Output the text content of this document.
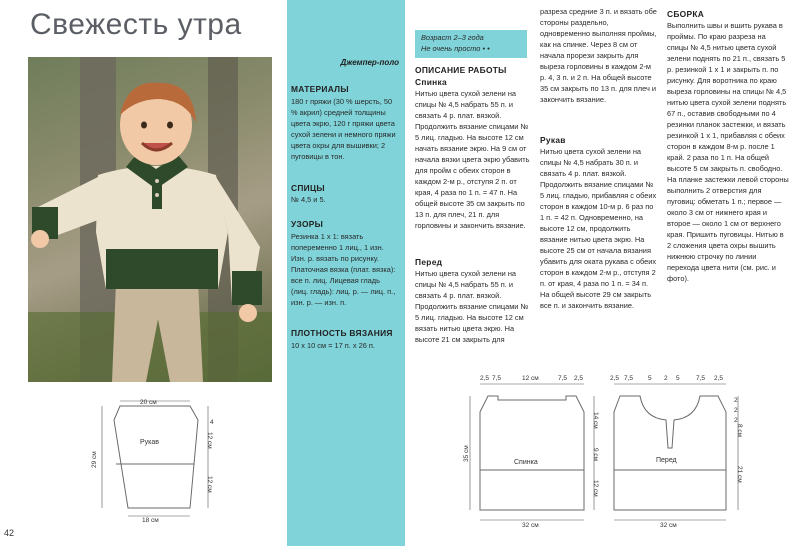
Свежесть утра
42
Джемпер-поло
МАТЕРИАЛЫ
180 г пряжи (30 % шерсть, 50 % акрил) средней толщины цвета экрю, 120 г пряжи цвета сухой зелени и немного пряжи цвета охры для вышивки; 2 пуговицы в тон.
СПИЦЫ
№ 4,5 и 5.
УЗОРЫ
Резинка 1 х 1: вязать попеременно 1 лиц., 1 изн. Изн. р. вязать по рисунку. Платочная вязка (плат. вязка): все п. лиц. Лицевая гладь (лиц. гладь): лиц. р. — лиц. п., изн. р. — изн. п.
ПЛОТНОСТЬ ВЯЗАНИЯ
10 х 10 см = 17 п. х 26 п.
Возраст 2–3 года
Не очень просто • •
ОПИСАНИЕ РАБОТЫ
Спинка
Нитью цвета сухой зелени на спицы № 4,5 набрать 55 п. и связать 4 р. плат. вязкой. Продолжить вязание спицами № 5 лиц. гладью. На высоте 12 см начать вязание экрю. На 9 см от начала вязки цвета экрю убавить для пройм с обеих сторон в каждом 2-м р., отступя 2 п. от края, 4 раза по 1 п. = 47 п. На общей высоте 35 см закрыть по 13 п. для плеч, 21 п. для горловины и закончить вязание.
Перед
Нитью цвета сухой зелени на спицы № 4,5 набрать 55 п. и связать 4 р. плат. вязкой. Продолжить вязание спицами № 5 лиц. гладью. На высоте 12 см вязать нитью цвета экрю. На высоте 21 см закрыть для
разреза средние 3 п. и вязать обе стороны раздельно, одновременно выполняя проймы, как на спинке. Через 8 см от начала прорези закрыть для выреза горловины в каждом 2-м р. 4, 3 п. и 2 п. На общей высоте 35 см закрыть по 13 п. для плеч и закончить вязание.
Рукав
Нитью цвета сухой зелени на спицы № 4,5 набрать 30 п. и связать 4 р. плат. вязкой. Продолжить вязание спицами № 5 лиц. гладью, прибавляя с обеих сторон в каждом 10-м р. 6 раз по 1 п. = 42 п. Одновременно, на высоте 12 см, продолжить вязание нитью цвета экрю. На высоте 25 см от начала вязания убавить для оката рукава с обеих сторон в каждом 2-м р., отступя 2 п. от края, 4 раза по 1 п. = 34 п. На общей высоте 29 см закрыть все п. и закончить вязание.
СБОРКА
Выполнить швы и вшить рукава в проймы. По краю разреза на спицы № 4,5 нитью цвета сухой зелени поднять по 21 п., связать 5 р. резинкой 1 х 1 и закрыть п. по рисунку. Для воротника по краю выреза горловины на спицы № 4,5 нитью цвета сухой зелени поднять 67 п., оставив свободными по 4 резинки планок застежки, и вязать резинкой 1 х 1, прибавляя с обеих сторон в каждом 8-м р. после 1 край. 2 раза по 1 п. На общей высоте 5 см закрыть п. свободно. На планке застежки левой стороны выполнить 2 отверстия для пуговиц: обметать 1 п.; первое — около 3 см от нижнего края и второе — около 1 см от верхнего края. Пришить пуговицы. Нитью в 2 сложения цвета охры вышить нижнюю строчку по линии перехода цвета нити (см. рис. и фото).
20 см
18 см
29 см
4
12 см
12 см
Рукав
2,5 7,5	12 см	7,5 2,5
35 см
14 см
9 см
12 см
32 см
Спинка
2,5 7,5 5 2 5	7,5 2,5
2
2
2
8 см
21 см
32 см
Перед
